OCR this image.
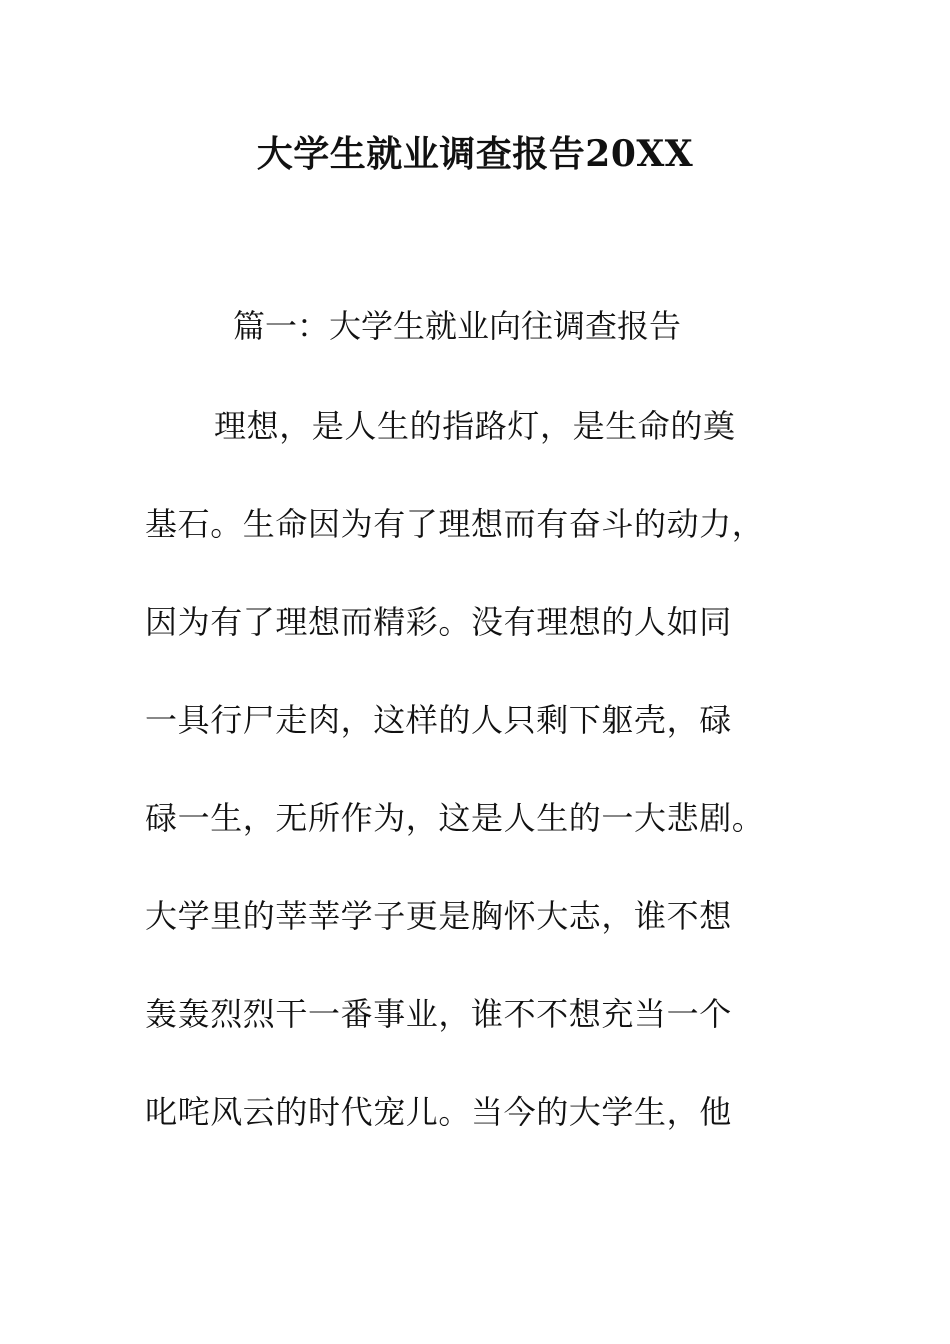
大学生就业调查报告20XX
篇一：大学生就业向往调查报告
理想，是人生的指路灯，是生命的奠
基石。生命因为有了理想而有奋斗的动力，
因为有了理想而精彩。没有理想的人如同
一具行尸走肉，这样的人只剩下躯壳，碌
碌一生，无所作为，这是人生的一大悲剧。
大学里的莘莘学子更是胸怀大志，谁不想
轰轰烈烈干一番事业，谁不不想充当一个
叱咤风云的时代宠儿。当今的大学生，他
